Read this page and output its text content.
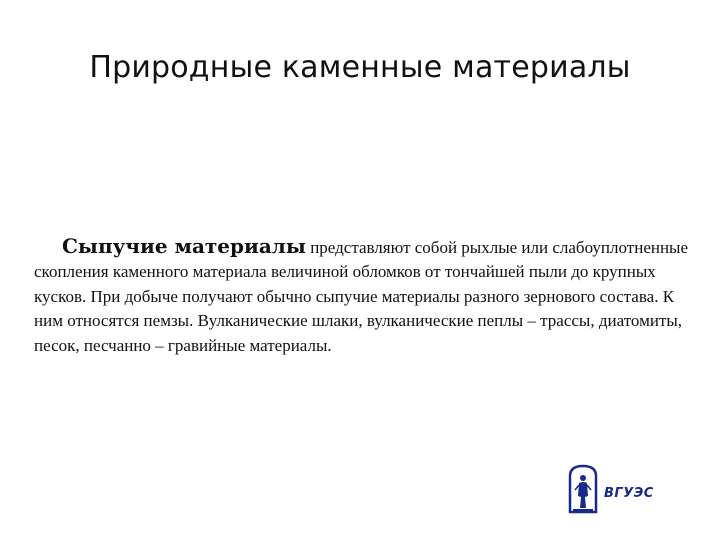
Природные каменные материалы
Сыпучие материалы представляют собой рыхлые или слабоуплотненные скопления каменного материала величиной обломков от тончайшей пыли до крупных кусков. При добыче получают обычно сыпучие материалы разного зернового состава. К ним относятся пемзы. Вулканические шлаки, вулканические пеплы – трассы, диатомиты, песок, песчанно – гравийные материалы.
ВГУЭС
